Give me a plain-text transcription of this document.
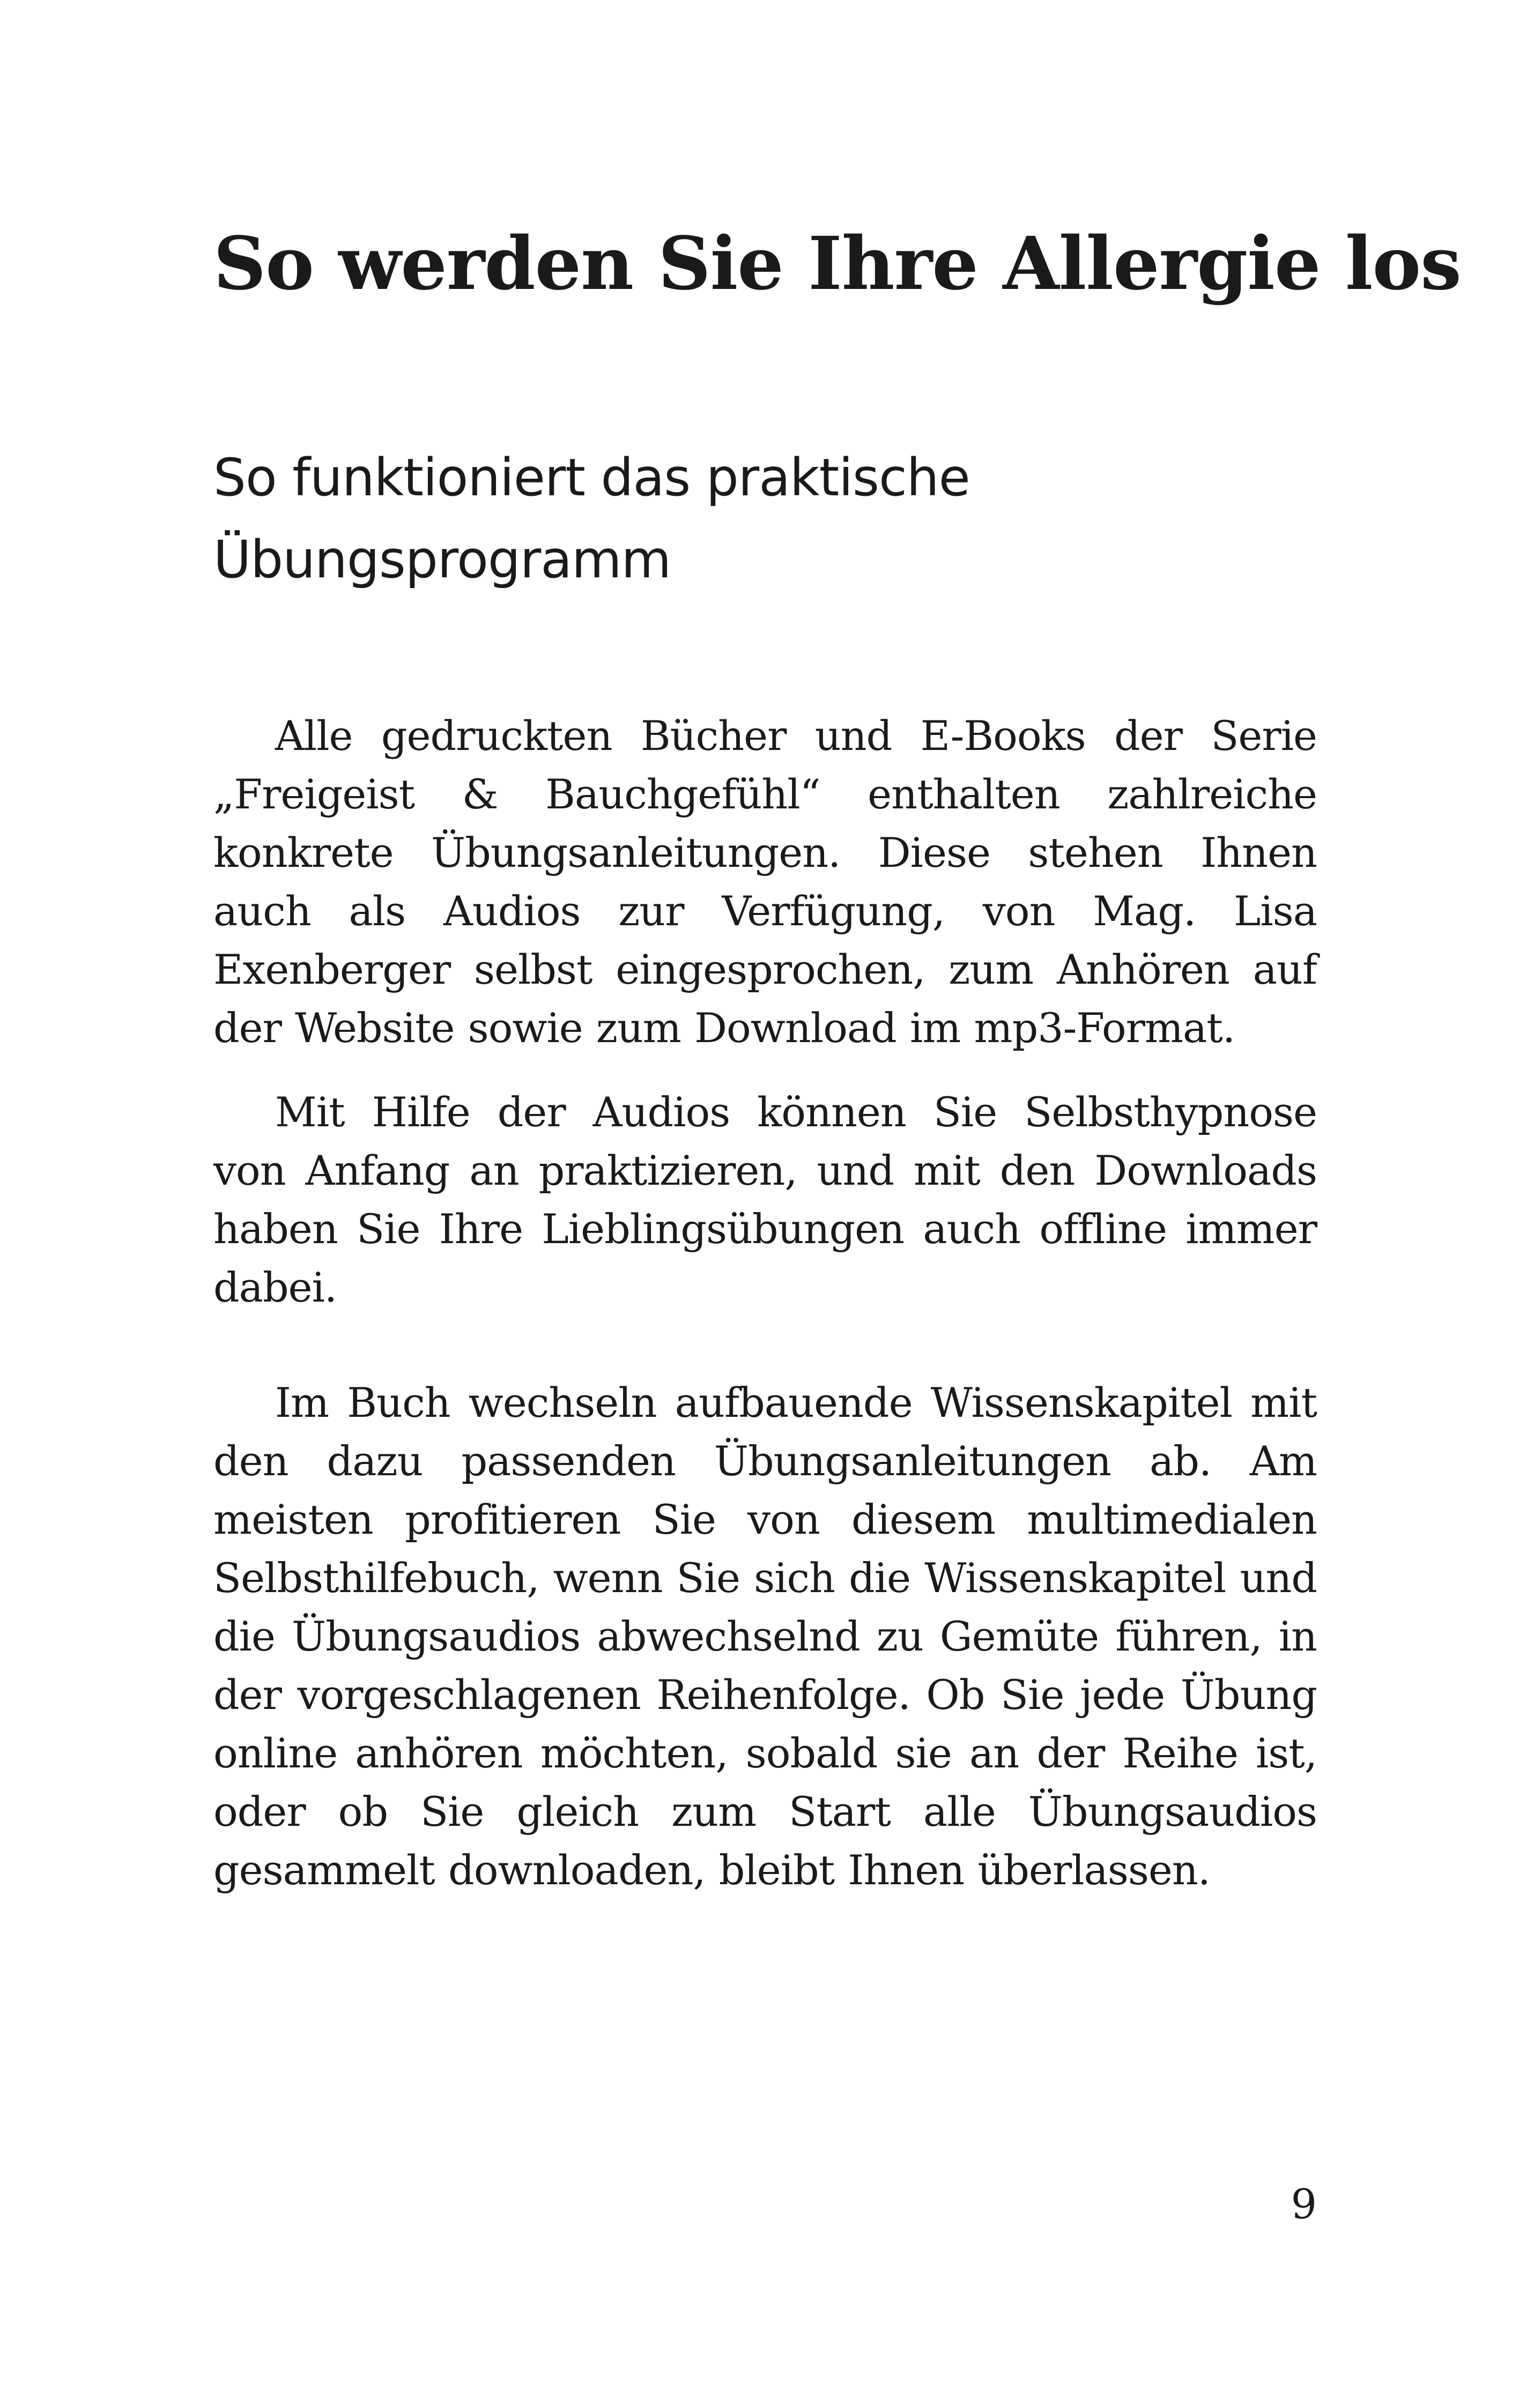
So werden Sie Ihre Allergie los
So funktioniert das praktische Übungsprogramm

Alle gedruckten Bücher und E-Books der Serie „Freigeist & Bauchgefühl“ enthalten zahlreiche konkrete Übungsanleitungen. Diese stehen Ihnen auch als Audios zur Verfügung, von Mag. Lisa Exenberger selbst eingesprochen, zum Anhören auf der Website sowie zum Download im mp3-Format.

Mit Hilfe der Audios können Sie Selbsthypnose von Anfang an praktizieren, und mit den Downloads haben Sie Ihre Lieblingsübungen auch offline immer dabei.

Im Buch wechseln aufbauende Wissenskapitel mit den dazu passenden Übungsanleitungen ab. Am meisten profitieren Sie von diesem multimedialen Selbsthilfebuch, wenn Sie sich die Wissenskapitel und die Übungsaudios abwechselnd zu Gemüte führen, in der vorgeschlagenen Reihenfolge. Ob Sie jede Übung online anhören möchten, sobald sie an der Reihe ist, oder ob Sie gleich zum Start alle Übungsaudios gesammelt downloaden, bleibt Ihnen überlassen.

9
